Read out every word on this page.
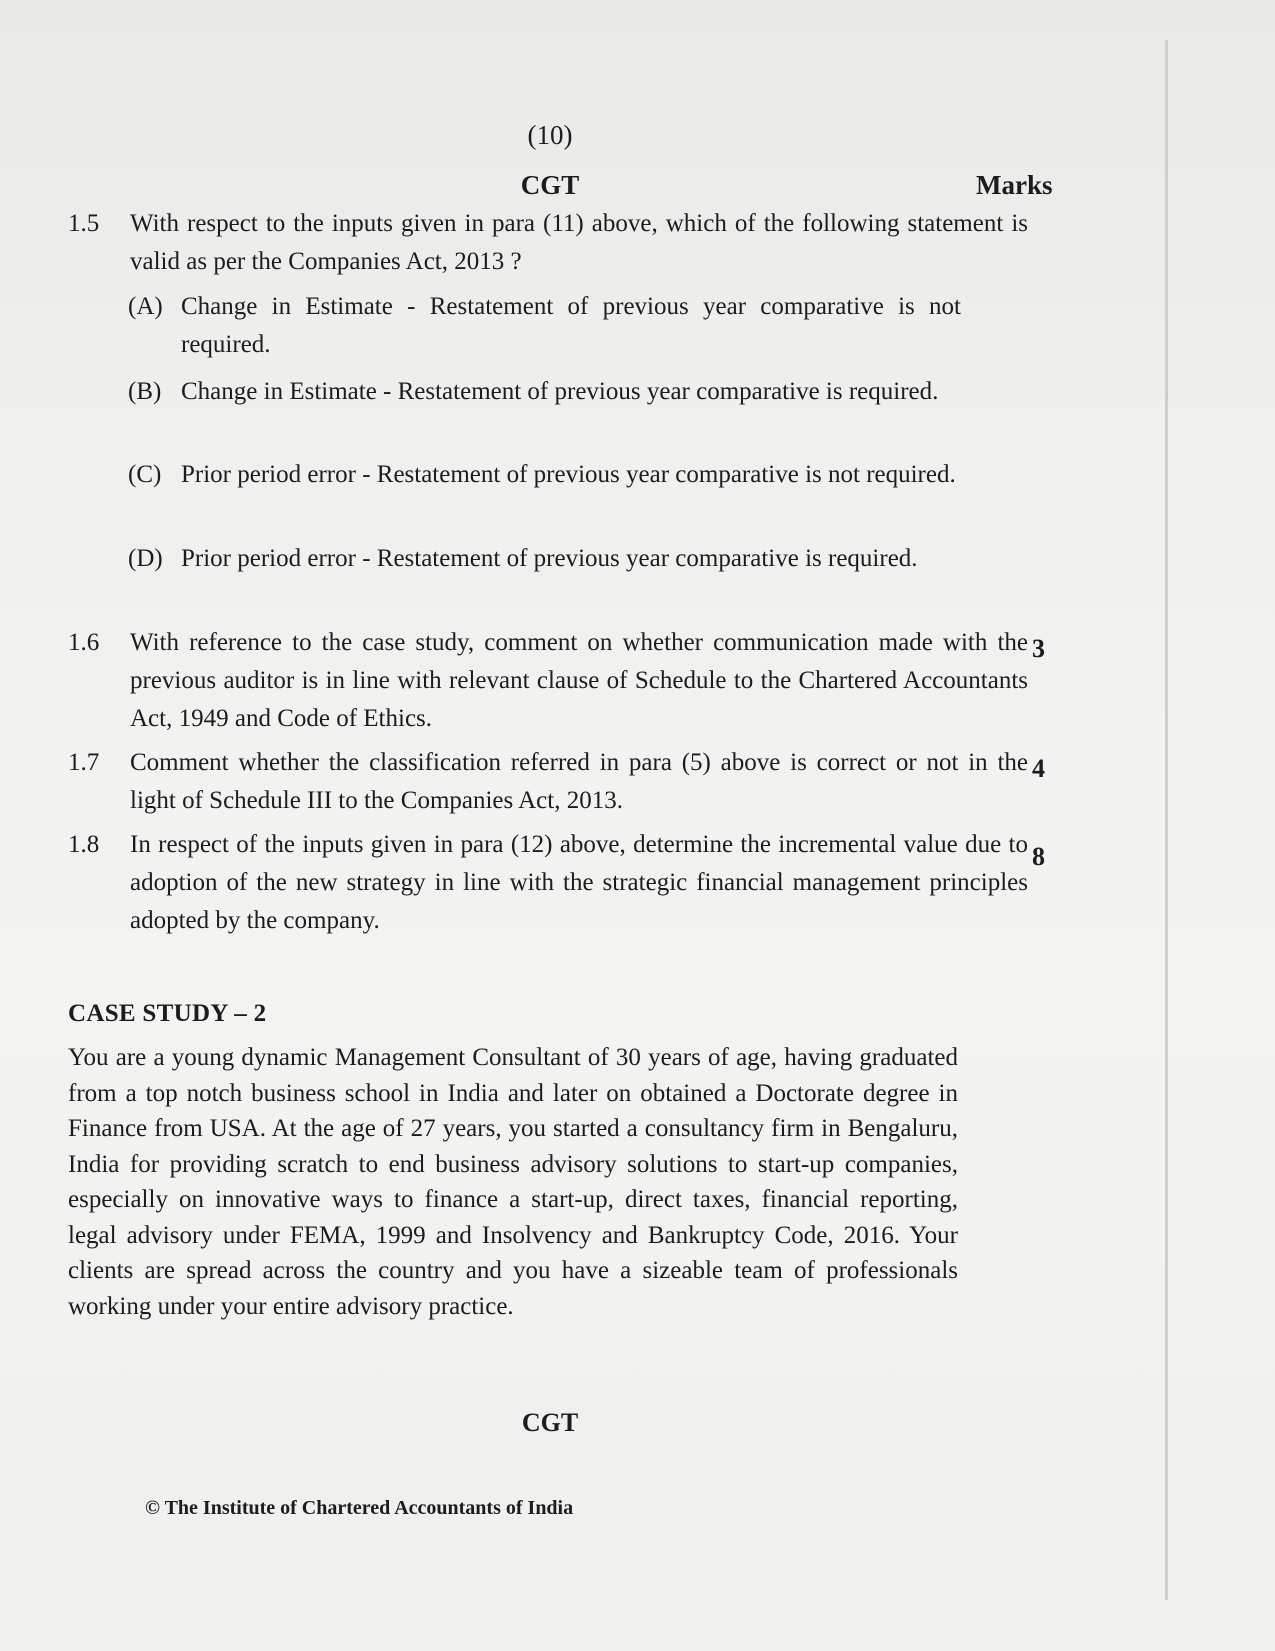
(10)
CGT	Marks
1.5 With respect to the inputs given in para (11) above, which of the following statement is valid as per the Companies Act, 2013 ?
(A) Change in Estimate - Restatement of previous year comparative is not required.
(B) Change in Estimate - Restatement of previous year comparative is required.
(C) Prior period error - Restatement of previous year comparative is not required.
(D) Prior period error - Restatement of previous year comparative is required.
1.6 With reference to the case study, comment on whether communication made with the previous auditor is in line with relevant clause of Schedule to the Chartered Accountants Act, 1949 and Code of Ethics.
3
1.7 Comment whether the classification referred in para (5) above is correct or not in the light of Schedule III to the Companies Act, 2013.
4
1.8 In respect of the inputs given in para (12) above, determine the incremental value due to adoption of the new strategy in line with the strategic financial management principles adopted by the company.
8
CASE STUDY – 2
You are a young dynamic Management Consultant of 30 years of age, having graduated from a top notch business school in India and later on obtained a Doctorate degree in Finance from USA. At the age of 27 years, you started a consultancy firm in Bengaluru, India for providing scratch to end business advisory solutions to start-up companies, especially on innovative ways to finance a start-up, direct taxes, financial reporting, legal advisory under FEMA, 1999 and Insolvency and Bankruptcy Code, 2016. Your clients are spread across the country and you have a sizeable team of professionals working under your entire advisory practice.
CGT
© The Institute of Chartered Accountants of India
